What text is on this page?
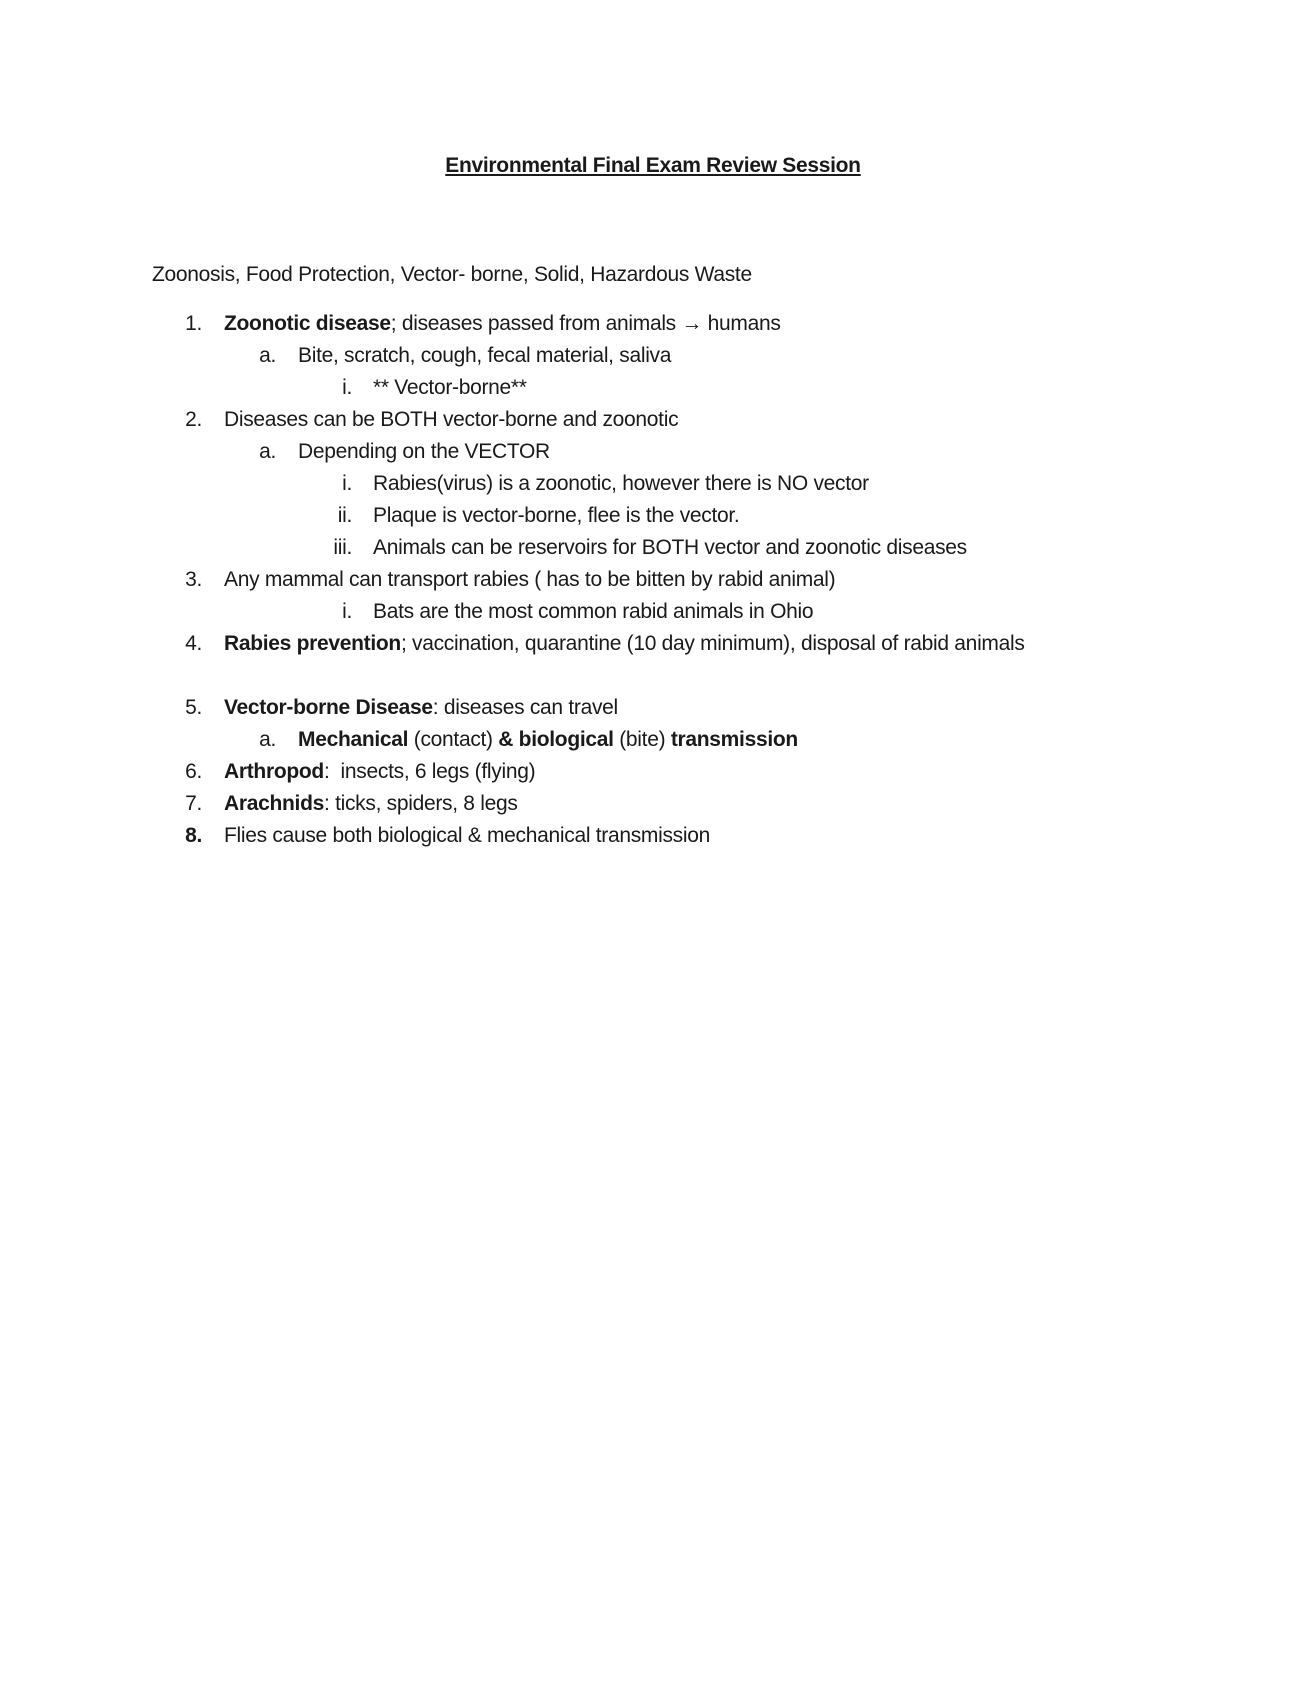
Environmental Final Exam Review Session
Zoonosis, Food Protection, Vector- borne, Solid, Hazardous Waste
1. Zoonotic disease; diseases passed from animals → humans
a. Bite, scratch, cough, fecal material, saliva
i. ** Vector-borne**
2. Diseases can be BOTH vector-borne and zoonotic
a. Depending on the VECTOR
i. Rabies(virus) is a zoonotic, however there is NO vector
ii. Plaque is vector-borne, flee is the vector.
iii. Animals can be reservoirs for BOTH vector and zoonotic diseases
3. Any mammal can transport rabies ( has to be bitten by rabid animal)
i. Bats are the most common rabid animals in Ohio
4. Rabies prevention; vaccination, quarantine (10 day minimum), disposal of rabid animals
5. Vector-borne Disease: diseases can travel
a. Mechanical (contact) & biological (bite) transmission
6. Arthropod:  insects, 6 legs (flying)
7. Arachnids: ticks, spiders, 8 legs
8. Flies cause both biological & mechanical transmission
